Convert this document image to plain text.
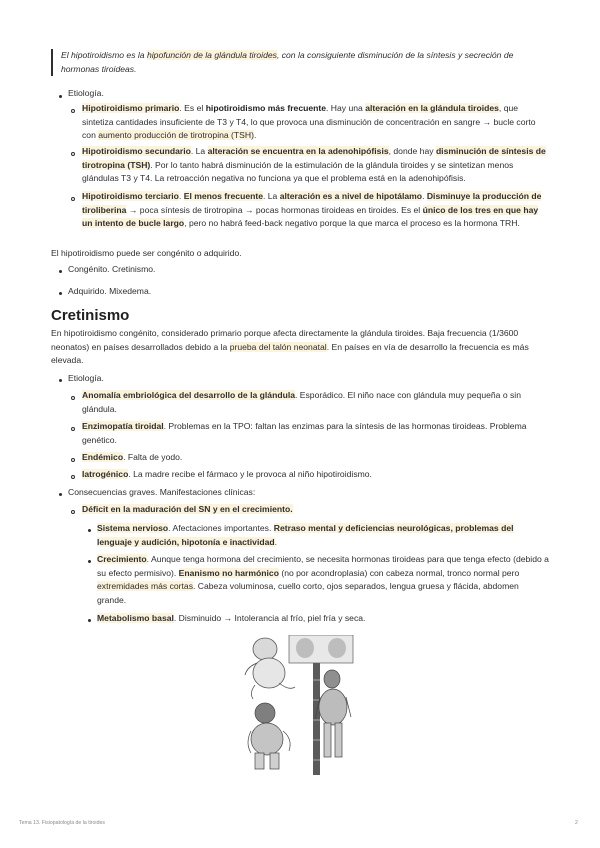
El hipotiroidismo es la hipofunción de la glándula tiroides, con la consiguiente disminución de la síntesis y secreción de hormonas tiroideas.
Etiología.
Hipotiroidismo primario. Es el hipotiroidismo más frecuente. Hay una alteración en la glándula tiroides, que sintetiza cantidades insuficiente de T3 y T4, lo que provoca una disminución de concentración en sangre → bucle corto con aumento producción de tirotropina (TSH).
Hipotiroidismo secundario. La alteración se encuentra en la adenohipófisis, donde hay disminución de síntesis de tirotropina (TSH). Por lo tanto habrá disminución de la estimulación de la glándula tiroides y se sintetizan menos glándulas T3 y T4. La retroacción negativa no funciona ya que el problema está en la adenohipófisis.
Hipotiroidismo terciario. El menos frecuente. La alteración es a nivel de hipotálamo. Disminuye la producción de tiroliberina → poca síntesis de tirotropina → pocas hormonas tiroideas en tiroides. Es el único de los tres en que hay un intento de bucle largo, pero no habrá feed-back negativo porque la que marca el proceso es la hormona TRH.
El hipotiroidismo puede ser congénito o adquirido.
Congénito. Cretinismo.
Adquirido. Mixedema.
Cretinismo
En hipotiroidismo congénito, considerado primario porque afecta directamente la glándula tiroides. Baja frecuencia (1/3600 neonatos) en países desarrollados debido a la prueba del talón neonatal. En países en vía de desarrollo la frecuencia es más elevada.
Etiología.
Anomalía embriológica del desarrollo de la glándula. Esporádico. El niño nace con glándula muy pequeña o sin glándula.
Enzimopatía tiroidal. Problemas en la TPO: faltan las enzimas para la síntesis de las hormonas tiroideas. Problema genético.
Endémico. Falta de yodo.
Iatrogénico. La madre recibe el fármaco y le provoca al niño hipotiroidismo.
Consecuencias graves. Manifestaciones clínicas:
Déficit en la maduración del SN y en el crecimiento.
Sistema nervioso. Afectaciones importantes. Retraso mental y deficiencias neurológicas, problemas del lenguaje y audición, hipotonía e inactividad.
Crecimiento. Aunque tenga hormona del crecimiento, se necesita hormonas tiroideas para que tenga efecto (debido a su efecto permisivo). Enanismo no harmónico (no por acondroplasia) con cabeza normal, tronco normal pero extremidades más cortas. Cabeza voluminosa, cuello corto, ojos separados, lengua gruesa y flácida, abdomen grande.
Metabolismo basal. Disminuido → Intolerancia al frío, piel fría y seca.
Tema 13. Fisiopatología de la tiroides	2
